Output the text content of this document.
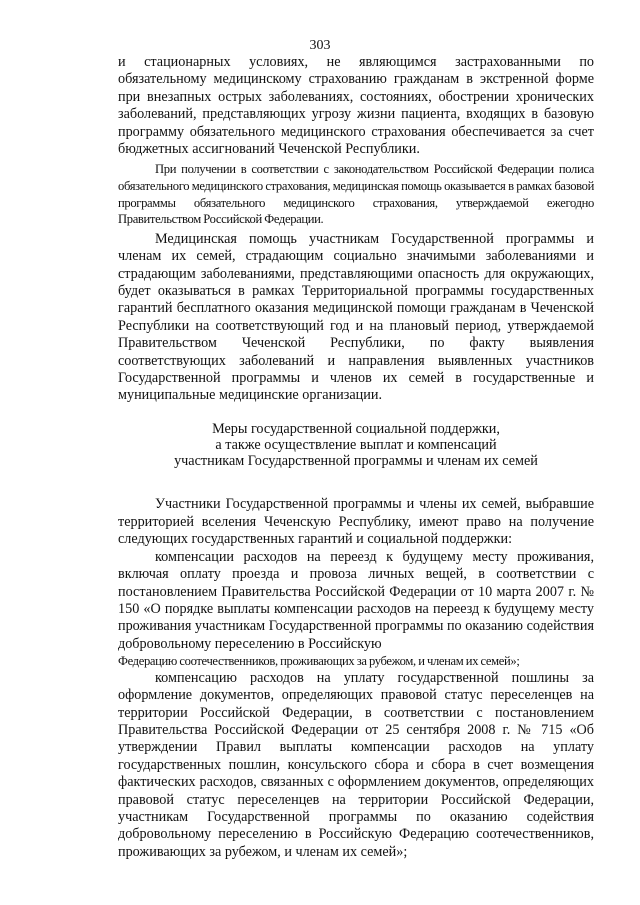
303

и стационарных условиях, не являющимся застрахованными по обязательному медицинскому страхованию гражданам в экстренной форме при внезапных острых заболеваниях, состояниях, обострении хронических заболеваний, представляющих угрозу жизни пациента, входящих в базовую программу обязательного медицинского страхования обеспечивается за счет бюджетных ассигнований Чеченской Республики.

При получении в соответствии с законодательством Российской Федерации полиса обязательного медицинского страхования, медицинская помощь оказывается в рамках базовой программы обязательного медицинского страхования, утверждаемой ежегодно Правительством Российской Федерации.

Медицинская помощь участникам Государственной программы и членам их семей, страдающим социально значимыми заболеваниями и страдающим заболеваниями, представляющими опасность для окружающих, будет оказываться в рамках Территориальной программы государственных гарантий бесплатного оказания медицинской помощи гражданам в Чеченской Республики на соответствующий год и на плановый период, утверждаемой Правительством Чеченской Республики, по факту выявления соответствующих заболеваний и направления выявленных участников Государственной программы и членов их семей в государственные и муниципальные медицинские организации.

Меры государственной социальной поддержки,
а также осуществление выплат и компенсаций
участникам Государственной программы и членам их семей

Участники Государственной программы и члены их семей, выбравшие территорией вселения Чеченскую Республику, имеют право на получение следующих государственных гарантий и социальной поддержки:

компенсации расходов на переезд к будущему месту проживания, включая оплату проезда и провоза личных вещей, в соответствии с постановлением Правительства Российской Федерации от 10 марта 2007 г. № 150 «О порядке выплаты компенсации расходов на переезд к будущему месту проживания участникам Государственной программы по оказанию содействия добровольному переселению в Российскую

Федерацию соотечественников, проживающих за рубежом, и членам их семей»;

компенсацию расходов на уплату государственной пошлины за оформление документов, определяющих правовой статус переселенцев на территории Российской Федерации, в соответствии с постановлением Правительства Российской Федерации от 25 сентября 2008 г. № 715 «Об утверждении Правил выплаты компенсации расходов на уплату государственных пошлин, консульского сбора и сбора в счет возмещения фактических расходов, связанных с оформлением документов, определяющих правовой статус переселенцев на территории Российской Федерации, участникам Государственной программы по оказанию содействия добровольному переселению в Российскую Федерацию соотечественников, проживающих за рубежом, и членам их семей»;
